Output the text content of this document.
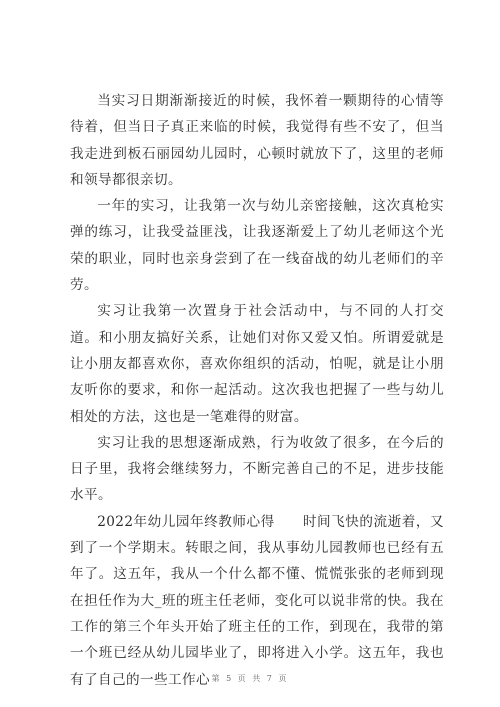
当实习日期渐渐接近的时候，我怀着一颗期待的心情等待着，但当日子真正来临的时候，我觉得有些不安了，但当我走进到板石丽园幼儿园时，心顿时就放下了，这里的老师和领导都很亲切。

一年的实习，让我第一次与幼儿亲密接触，这次真枪实弹的练习，让我受益匪浅，让我逐渐爱上了幼儿老师这个光荣的职业，同时也亲身尝到了在一线奋战的幼儿老师们的辛劳。

实习让我第一次置身于社会活动中，与不同的人打交道。和小朋友搞好关系，让她们对你又爱又怕。所谓爱就是让小朋友都喜欢你，喜欢你组织的活动，怕呢，就是让小朋友听你的要求，和你一起活动。这次我也把握了一些与幼儿相处的方法，这也是一笔难得的财富。

实习让我的思想逐渐成熟，行为收敛了很多，在今后的日子里，我将会继续努力，不断完善自己的不足，进步技能水平。

2022年幼儿园年终教师心得　　时间飞快的流逝着，又到了一个学期末。转眼之间，我从事幼儿园教师也已经有五年了。这五年，我从一个什么都不懂、慌慌张张的老师到现在担任作为大_班的班主任老师，变化可以说非常的快。我在工作的第三个年头开始了班主任的工作，到现在，我带的第一个班已经从幼儿园毕业了，即将进入小学。这五年，我也有了自己的一些工作心 第 5 页 共 7 页
